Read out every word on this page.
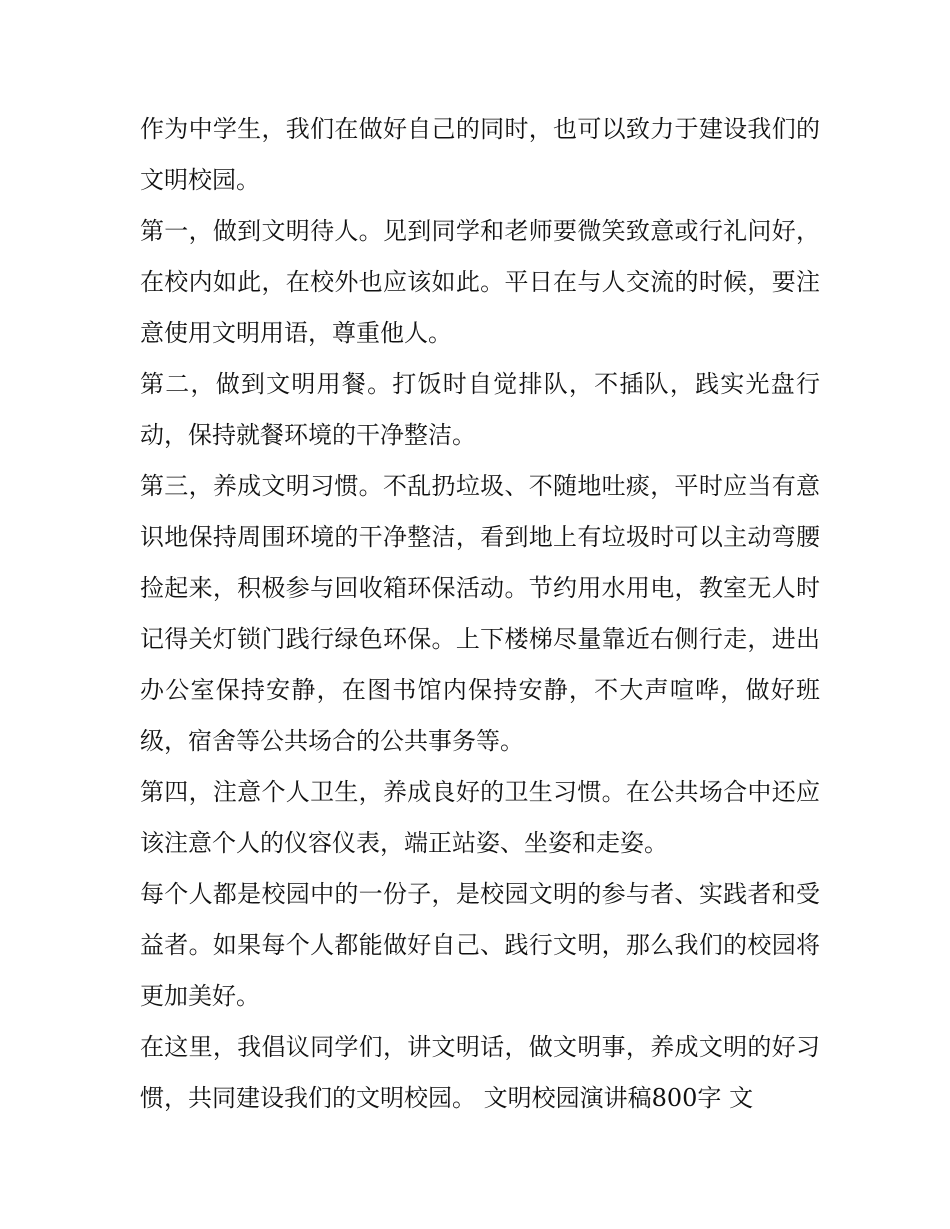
作为中学生，我们在做好自己的同时，也可以致力于建设我们的文明校园。

第一，做到文明待人。见到同学和老师要微笑致意或行礼问好，在校内如此，在校外也应该如此。平日在与人交流的时候，要注意使用文明用语，尊重他人。

第二，做到文明用餐。打饭时自觉排队，不插队，践实光盘行动，保持就餐环境的干净整洁。

第三，养成文明习惯。不乱扔垃圾、不随地吐痰，平时应当有意识地保持周围环境的干净整洁，看到地上有垃圾时可以主动弯腰捡起来，积极参与回收箱环保活动。节约用水用电，教室无人时记得关灯锁门践行绿色环保。上下楼梯尽量靠近右侧行走，进出办公室保持安静，在图书馆内保持安静，不大声喧哗，做好班级，宿舍等公共场合的公共事务等。

第四，注意个人卫生，养成良好的卫生习惯。在公共场合中还应该注意个人的仪容仪表，端正站姿、坐姿和走姿。

每个人都是校园中的一份子，是校园文明的参与者、实践者和受益者。如果每个人都能做好自己、践行文明，那么我们的校园将更加美好。

在这里，我倡议同学们，讲文明话，做文明事，养成文明的好习惯，共同建设我们的文明校园。 文明校园演讲稿800字 文
